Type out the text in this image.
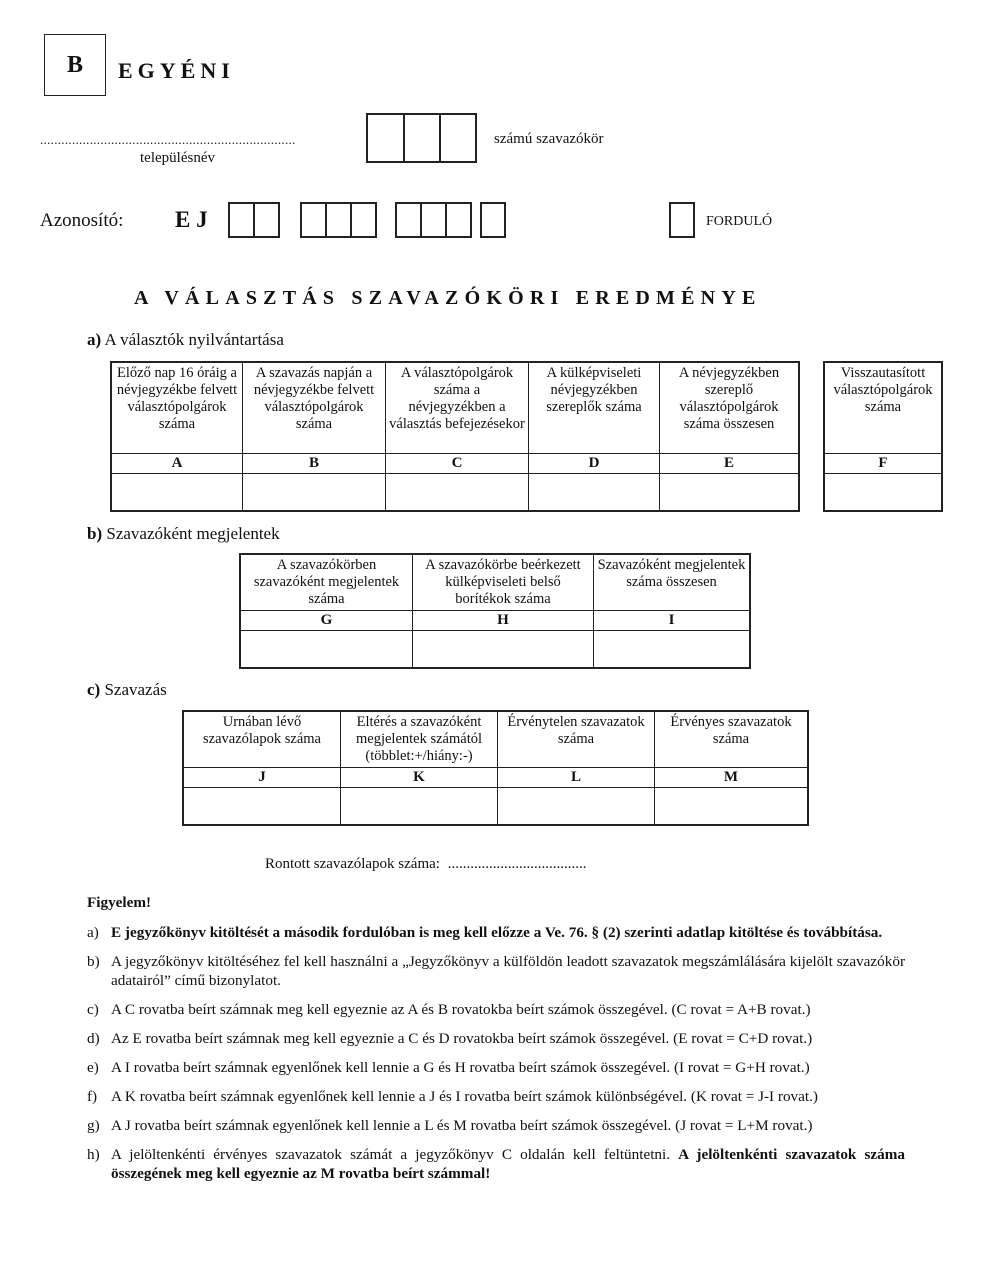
B	EGYÉNI
........................................................................
településnév
számú szavazókör
Azonosító: E J	FORDULÓ
A VÁLASZTÁS SZAVAZÓKÖRI EREDMÉNYE
a) A választók nyilvántartása
Előző nap 16 óráig a névjegyzékbe felvett választópolgárok száma	A szavazás napján a névjegyzékbe felvett választópolgárok száma	A választópolgárok száma a névjegyzékben a választás befejezésekor	A külképviseleti névjegyzékben szereplők száma	A névjegyzékben szereplő választópolgárok száma összesen
A	B	C	D	E

Visszautasított választópolgárok száma
F

b) Szavazóként megjelentek
A szavazókörben szavazóként megjelentek száma	A szavazókörbe beérkezett külképviseleti belső borítékok száma	Szavazóként megjelentek száma összesen
G	H	I

c) Szavazás
Urnában lévő szavazólapok száma	Eltérés a szavazóként megjelentek számától (többlet:+/hiány:-)	Érvénytelen szavazatok száma	Érvényes szavazatok száma
J	K	L	M

Rontott szavazólapok száma: .....................................
Figyelem!
a) E jegyzőkönyv kitöltését a második fordulóban is meg kell előzze a Ve. 76. § (2) szerinti adatlap kitöltése és továbbítása.
b) A jegyzőkönyv kitöltéséhez fel kell használni a „Jegyzőkönyv a külföldön leadott szavazatok megszámlálására kijelölt szavazókör adatairól” című bizonylatot.
c) A C rovatba beírt számnak meg kell egyeznie az A és B rovatokba beírt számok összegével. (C rovat = A+B rovat.)
d) Az E rovatba beírt számnak meg kell egyeznie a C és D rovatokba beírt számok összegével. (E rovat = C+D rovat.)
e) A I rovatba beírt számnak egyenlőnek kell lennie a G és H rovatba beírt számok összegével. (I rovat = G+H rovat.)
f) A K rovatba beírt számnak egyenlőnek kell lennie a J és I rovatba beírt számok különbségével. (K rovat = J-I rovat.)
g) A J rovatba beírt számnak egyenlőnek kell lennie a L és M rovatba beírt számok összegével. (J rovat = L+M rovat.)
h) A jelöltenkénti érvényes szavazatok számát a jegyzőkönyv C oldalán kell feltüntetni. A jelöltenkénti szavazatok száma összegének meg kell egyeznie az M rovatba beírt számmal!
